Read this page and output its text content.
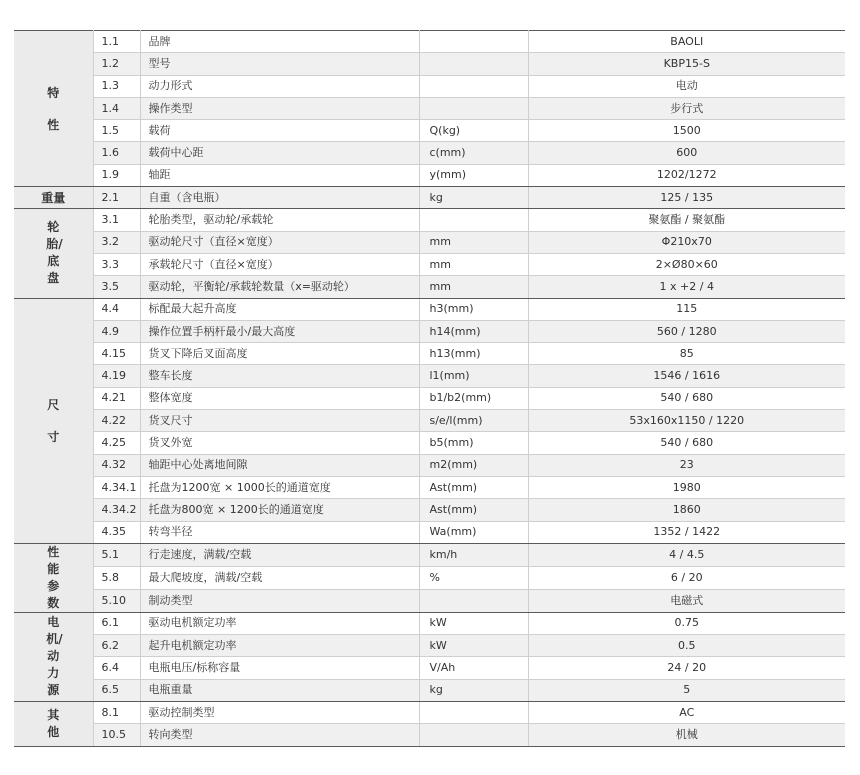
特性	1.1	品牌		BAOLI
	1.2	型号		KBP15-S
	1.3	动力形式		电动
	1.4	操作类型		步行式
	1.5	载荷	Q(kg)	1500
	1.6	载荷中心距	c(mm)	600
	1.9	轴距	y(mm)	1202/1272
重量	2.1	自重（含电瓶）	kg	125 / 135
轮胎/底盘	3.1	轮胎类型，驱动轮/承载轮		聚氨酯 / 聚氨酯
	3.2	驱动轮尺寸（直径×宽度）	mm	Φ210x70
	3.3	承载轮尺寸（直径×宽度）	mm	2×Ø80×60
	3.5	驱动轮，平衡轮/承载轮数量（x=驱动轮）	mm	1 x +2 / 4
尺寸	4.4	标配最大起升高度	h3(mm)	115
	4.9	操作位置手柄杆最小/最大高度	h14(mm)	560 / 1280
	4.15	货叉下降后叉面高度	h13(mm)	85
	4.19	整车长度	l1(mm)	1546 / 1616
	4.21	整体宽度	b1/b2(mm)	540 / 680
	4.22	货叉尺寸	s/e/l(mm)	53x160x1150 / 1220
	4.25	货叉外宽	b5(mm)	540 / 680
	4.32	轴距中心处离地间隙	m2(mm)	23
	4.34.1	托盘为1200宽 × 1000长的通道宽度	Ast(mm)	1980
	4.34.2	托盘为800宽 × 1200长的通道宽度	Ast(mm)	1860
	4.35	转弯半径	Wa(mm)	1352 / 1422
性能参数	5.1	行走速度，满载/空载	km/h	4 / 4.5
	5.8	最大爬坡度，满载/空载	%	6 / 20
	5.10	制动类型		电磁式
电机/动力源	6.1	驱动电机额定功率	kW	0.75
	6.2	起升电机额定功率	kW	0.5
	6.4	电瓶电压/标称容量	V/Ah	24 / 20
	6.5	电瓶重量	kg	5
其他	8.1	驱动控制类型		AC
	10.5	转向类型		机械
